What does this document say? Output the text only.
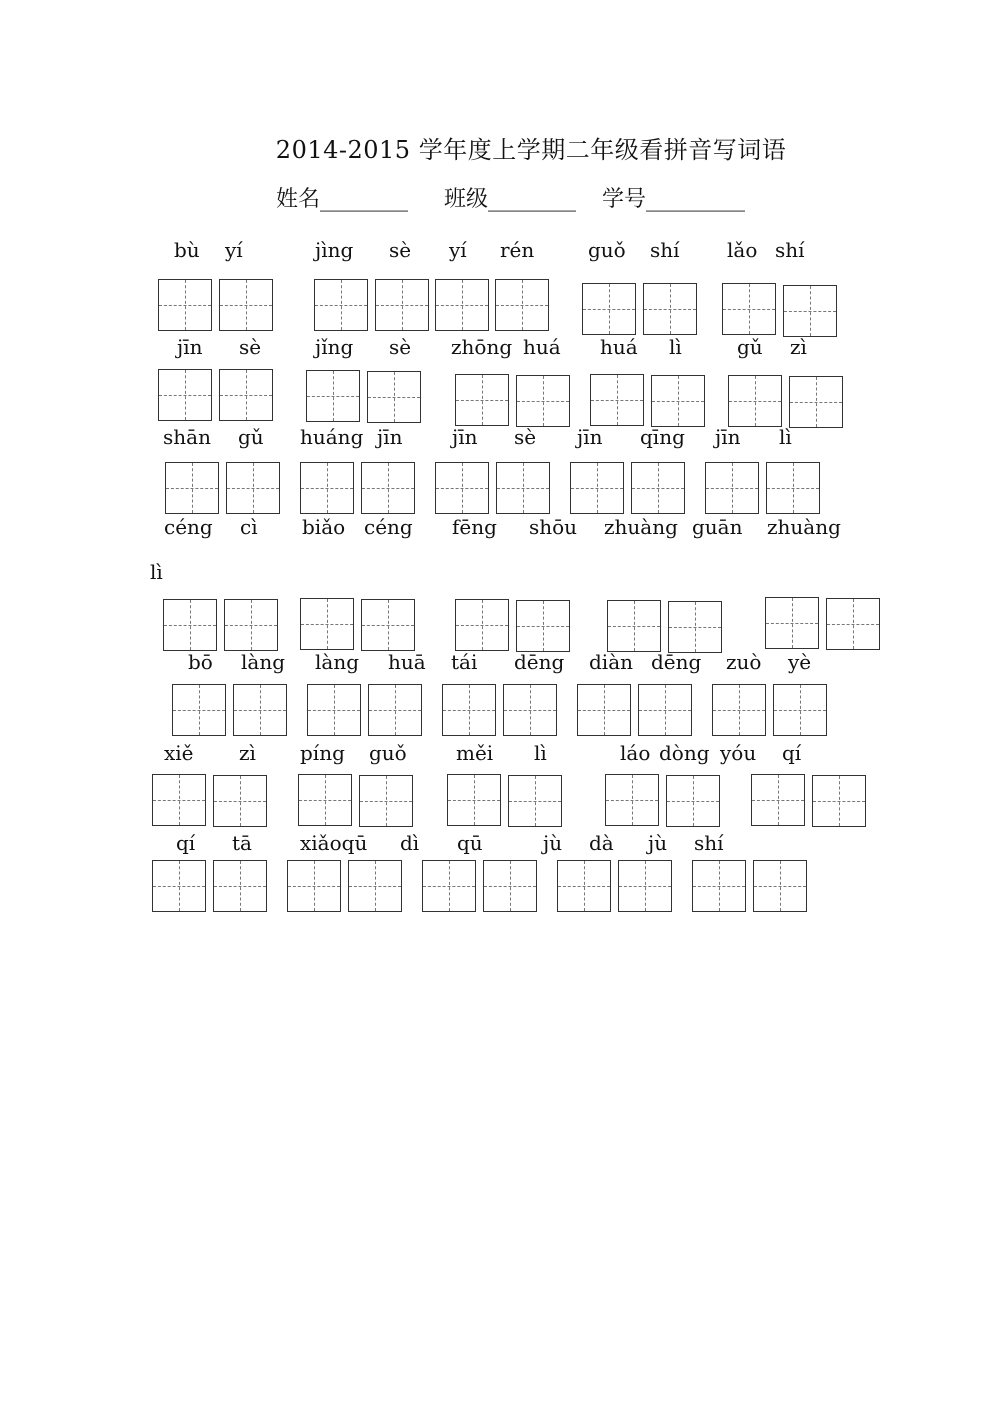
2014-2015 学年度上学期二年级看拼音写词语
姓名________ 班级________ 学号_________
bù yí	jìng sè yí rén	guǒ shí lǎo shí
jīn sè	jǐng sè zhōng huá huá lì	gǔ zì
shān gǔ huáng jīn jīn sè jīn qīng jīn lì
céng cì biǎo céng fēng shōu zhuàng guān zhuàng
lì
bō làng làng huā tái dēng diàn dēng zuò yè
xiě zì píng guǒ měi lì	láo dòng yóu qí
qí tā xiǎoqū dì qū	jù dà jù shí
